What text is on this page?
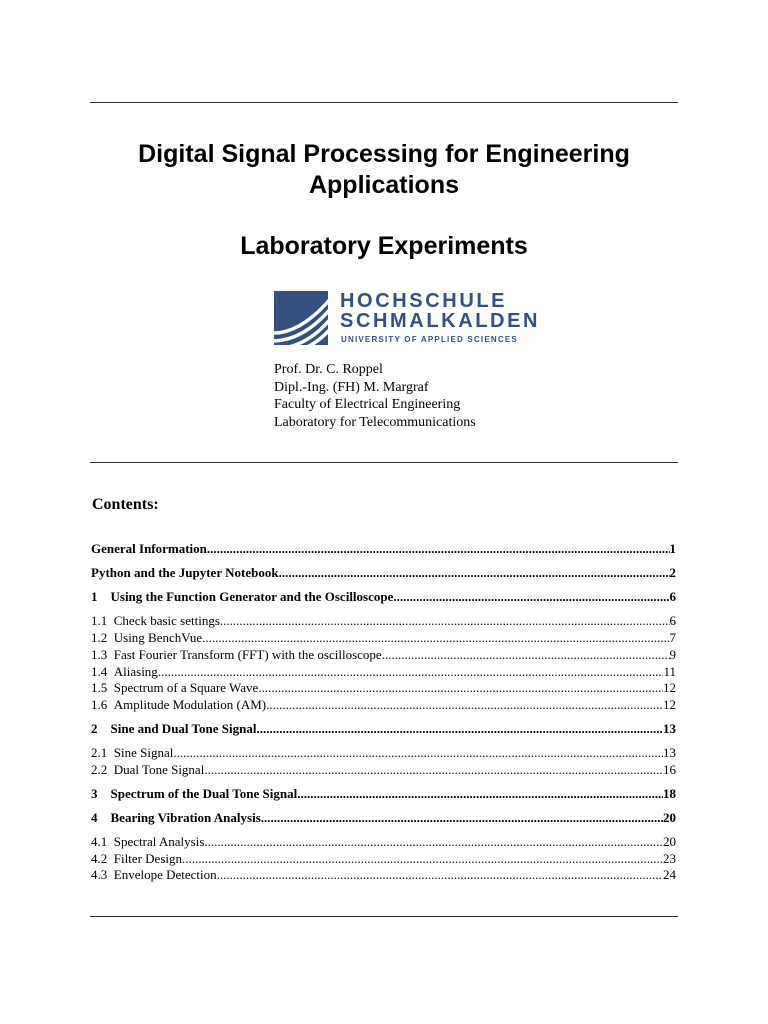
Digital Signal Processing for Engineering
Applications
Laboratory Experiments
HOCHSCHULE
SCHMALKALDEN
UNIVERSITY OF APPLIED SCIENCES
Prof. Dr. C. Roppel
Dipl.-Ing. (FH) M. Margraf
Faculty of Electrical Engineering
Laboratory for Telecommunications
Contents:
General Information .....	1
Python and the Jupyter Notebook .....	2
1    Using the Function Generator and the Oscilloscope .....	6
1.1  Check basic settings .....	6
1.2  Using BenchVue .....	7
1.3  Fast Fourier Transform (FFT) with the oscilloscope .....	9
1.4  Aliasing .....	11
1.5  Spectrum of a Square Wave .....	12
1.6  Amplitude Modulation (AM) .....	12
2    Sine and Dual Tone Signal .....	13
2.1  Sine Signal .....	13
2.2  Dual Tone Signal .....	16
3    Spectrum of the Dual Tone Signal .....	18
4    Bearing Vibration Analysis .....	20
4.1  Spectral Analysis .....	20
4.2  Filter Design .....	23
4.3  Envelope Detection .....	24
